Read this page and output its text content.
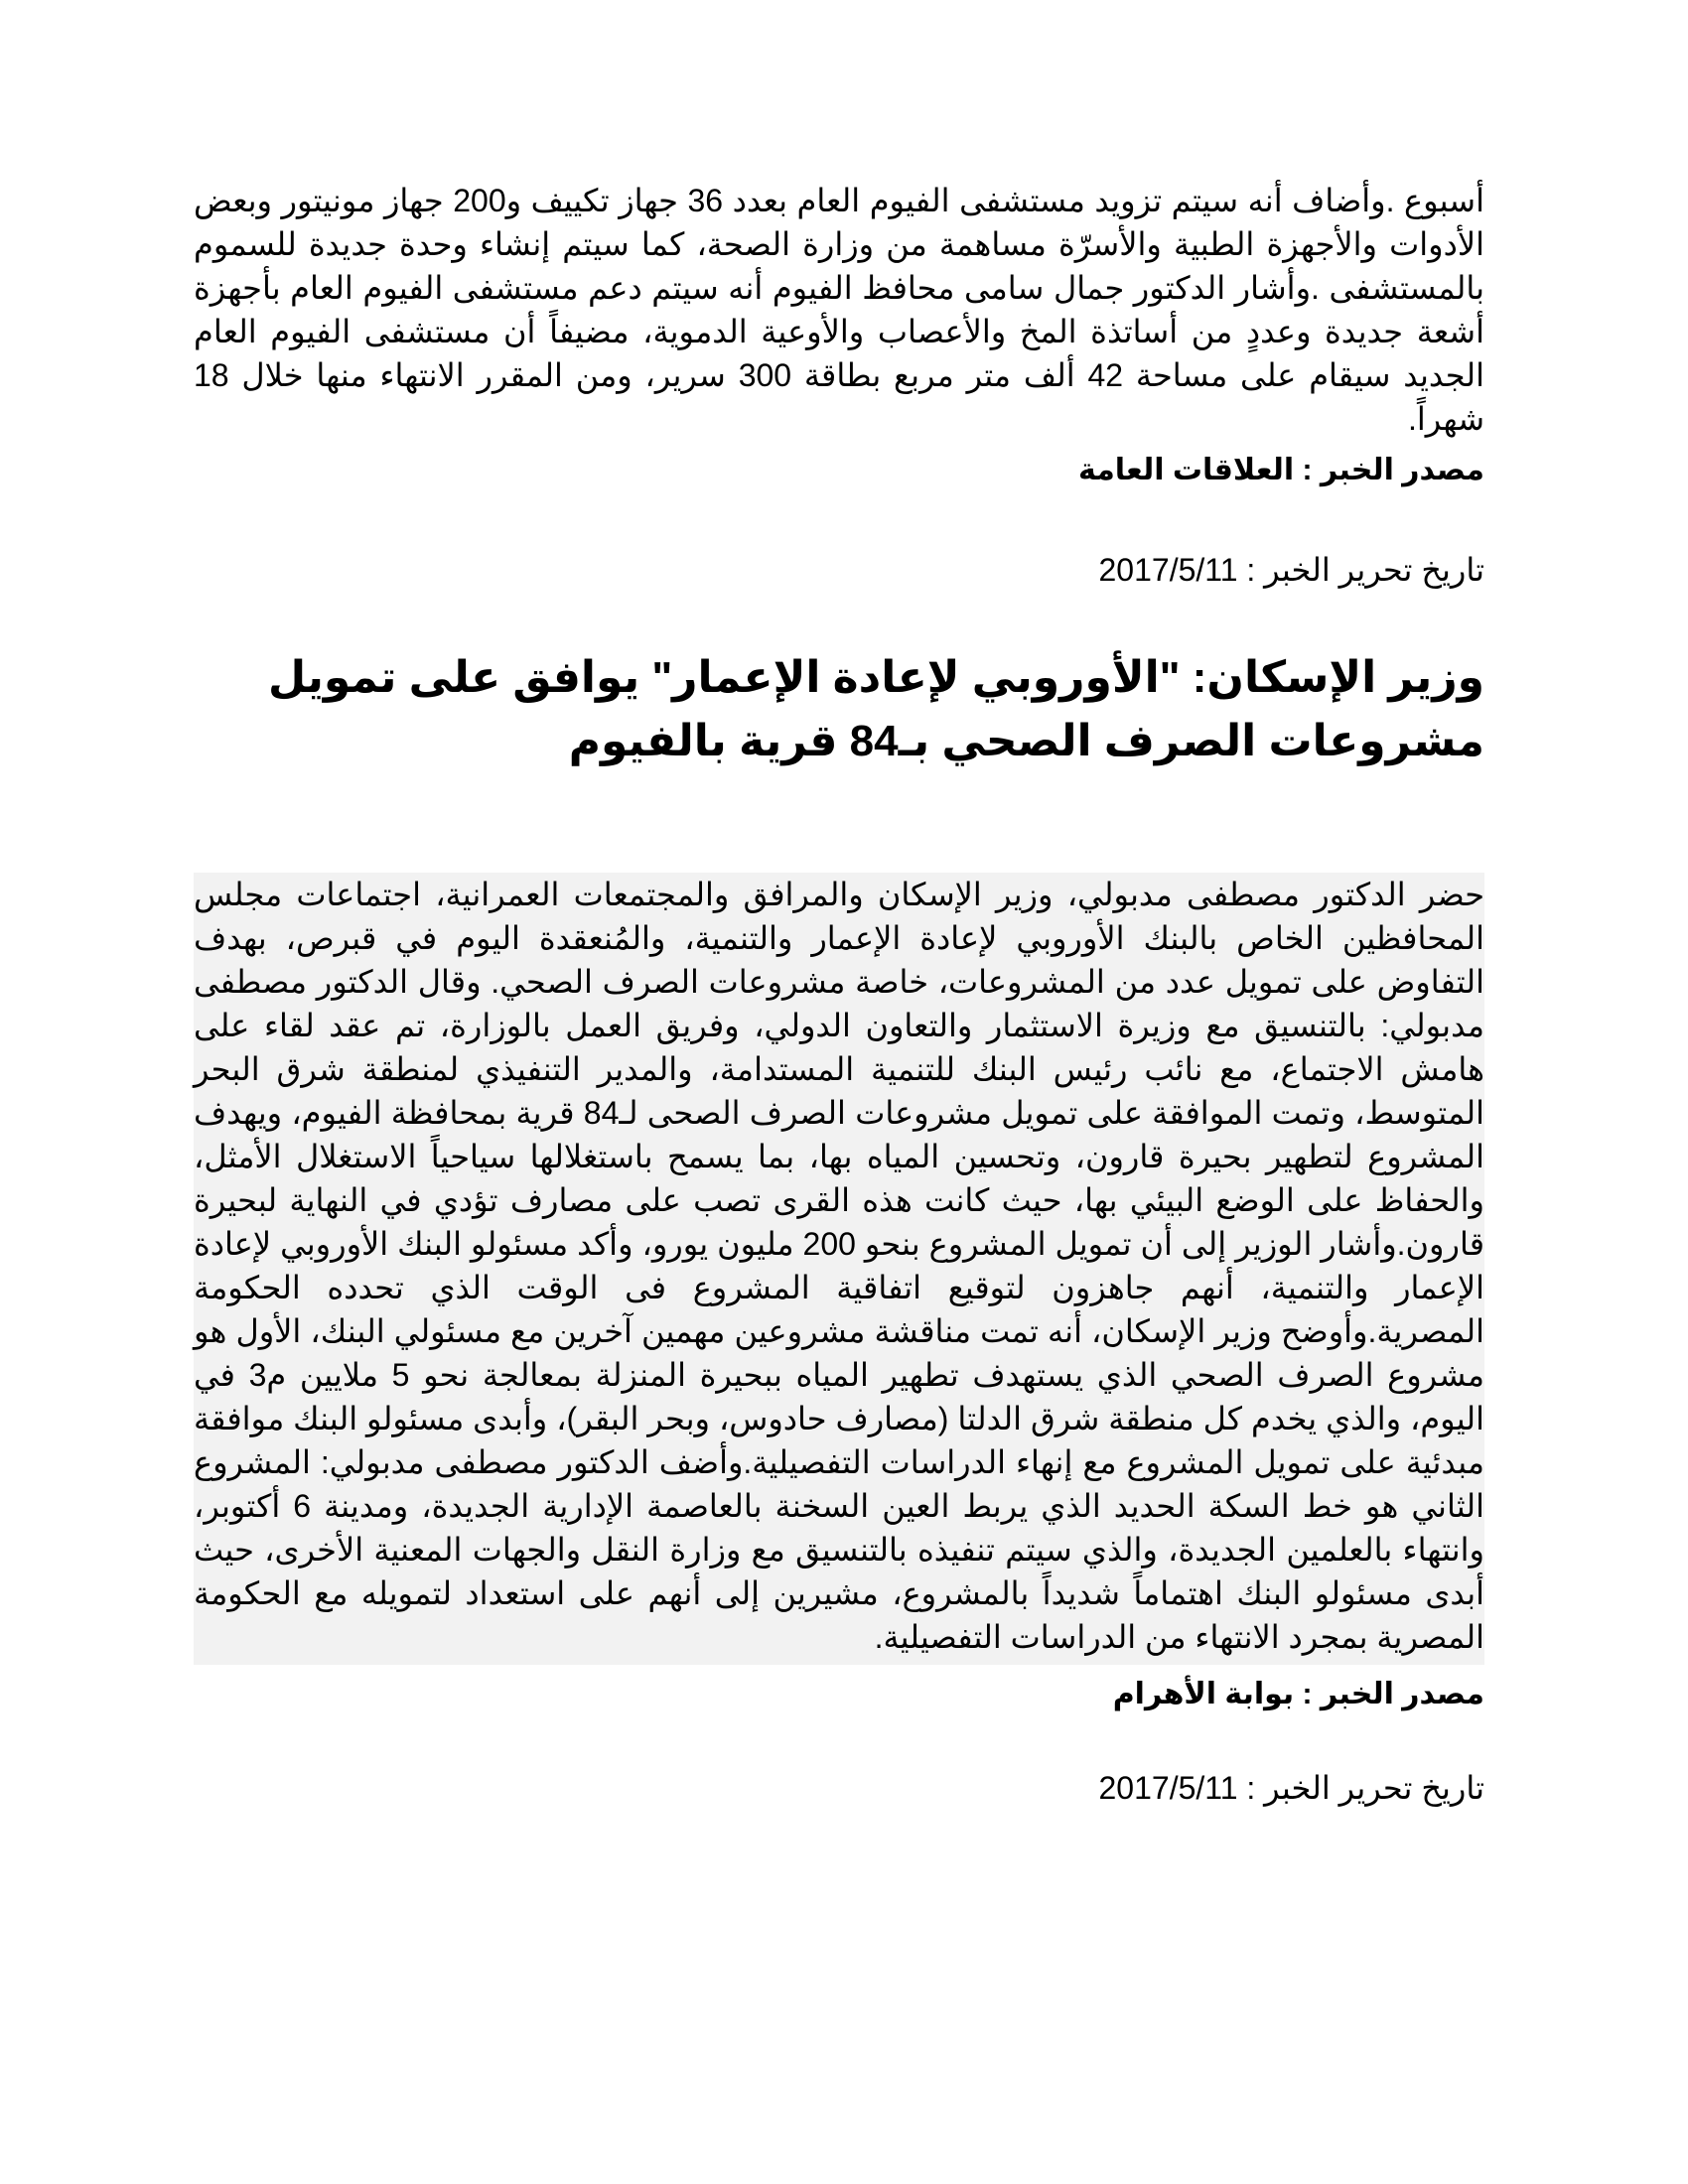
أسبوع .وأضاف أنه سيتم تزويد مستشفى الفيوم العام بعدد 36 جهاز تكييف و200 جهاز مونيتور وبعض الأدوات والأجهزة الطبية والأسرّة مساهمة من وزارة الصحة، كما سيتم إنشاء وحدة جديدة للسموم بالمستشفى .وأشار الدكتور جمال سامى محافظ الفيوم أنه سيتم دعم مستشفى الفيوم العام بأجهزة أشعة جديدة وعددٍ من أساتذة المخ والأعصاب والأوعية الدموية، مضيفاً أن مستشفى الفيوم العام الجديد سيقام على مساحة 42 ألف متر مربع بطاقة 300 سرير، ومن المقرر الانتهاء منها خلال 18 شهراً.

مصدر الخبر : العلاقات العامة

تاريخ تحرير الخبر : 2017/5/11

وزير الإسكان: "الأوروبي لإعادة الإعمار" يوافق على تمويل مشروعات الصرف الصحي بـ84 قرية بالفيوم

حضر الدكتور مصطفى مدبولي، وزير الإسكان والمرافق والمجتمعات العمرانية، اجتماعات مجلس المحافظين الخاص بالبنك الأوروبي لإعادة الإعمار والتنمية، والمُنعقدة اليوم في قبرص، بهدف التفاوض على تمويل عدد من المشروعات، خاصة مشروعات الصرف الصحي. وقال الدكتور مصطفى مدبولي: بالتنسيق مع وزيرة الاستثمار والتعاون الدولي، وفريق العمل بالوزارة، تم عقد لقاء على هامش الاجتماع، مع نائب رئيس البنك للتنمية المستدامة، والمدير التنفيذي لمنطقة شرق البحر المتوسط، وتمت الموافقة على تمويل مشروعات الصرف الصحى لـ84 قرية بمحافظة الفيوم، ويهدف المشروع لتطهير بحيرة قارون، وتحسين المياه بها، بما يسمح باستغلالها سياحياً الاستغلال الأمثل، والحفاظ على الوضع البيئي بها، حيث كانت هذه القرى تصب على مصارف تؤدي في النهاية لبحيرة قارون.وأشار الوزير إلى أن تمويل المشروع بنحو 200 مليون يورو، وأكد مسئولو البنك الأوروبي لإعادة الإعمار والتنمية، أنهم جاهزون لتوقيع اتفاقية المشروع فى الوقت الذي تحدده الحكومة المصرية.وأوضح وزير الإسكان، أنه تمت مناقشة مشروعين مهمين آخرين مع مسئولي البنك، الأول هو مشروع الصرف الصحي الذي يستهدف تطهير المياه ببحيرة المنزلة بمعالجة نحو 5 ملايين م3 في اليوم، والذي يخدم كل منطقة شرق الدلتا (مصارف حادوس، وبحر البقر)، وأبدى مسئولو البنك موافقة مبدئية على تمويل المشروع مع إنهاء الدراسات التفصيلية.وأضف الدكتور مصطفى مدبولي: المشروع الثاني هو خط السكة الحديد الذي يربط العين السخنة بالعاصمة الإدارية الجديدة، ومدينة 6 أكتوبر، وانتهاء بالعلمين الجديدة، والذي سيتم تنفيذه بالتنسيق مع وزارة النقل والجهات المعنية الأخرى، حيث أبدى مسئولو البنك اهتماماً شديداً بالمشروع، مشيرين إلى أنهم على استعداد لتمويله مع الحكومة المصرية بمجرد الانتهاء من الدراسات التفصيلية.

مصدر الخبر : بوابة الأهرام

تاريخ تحرير الخبر : 2017/5/11
